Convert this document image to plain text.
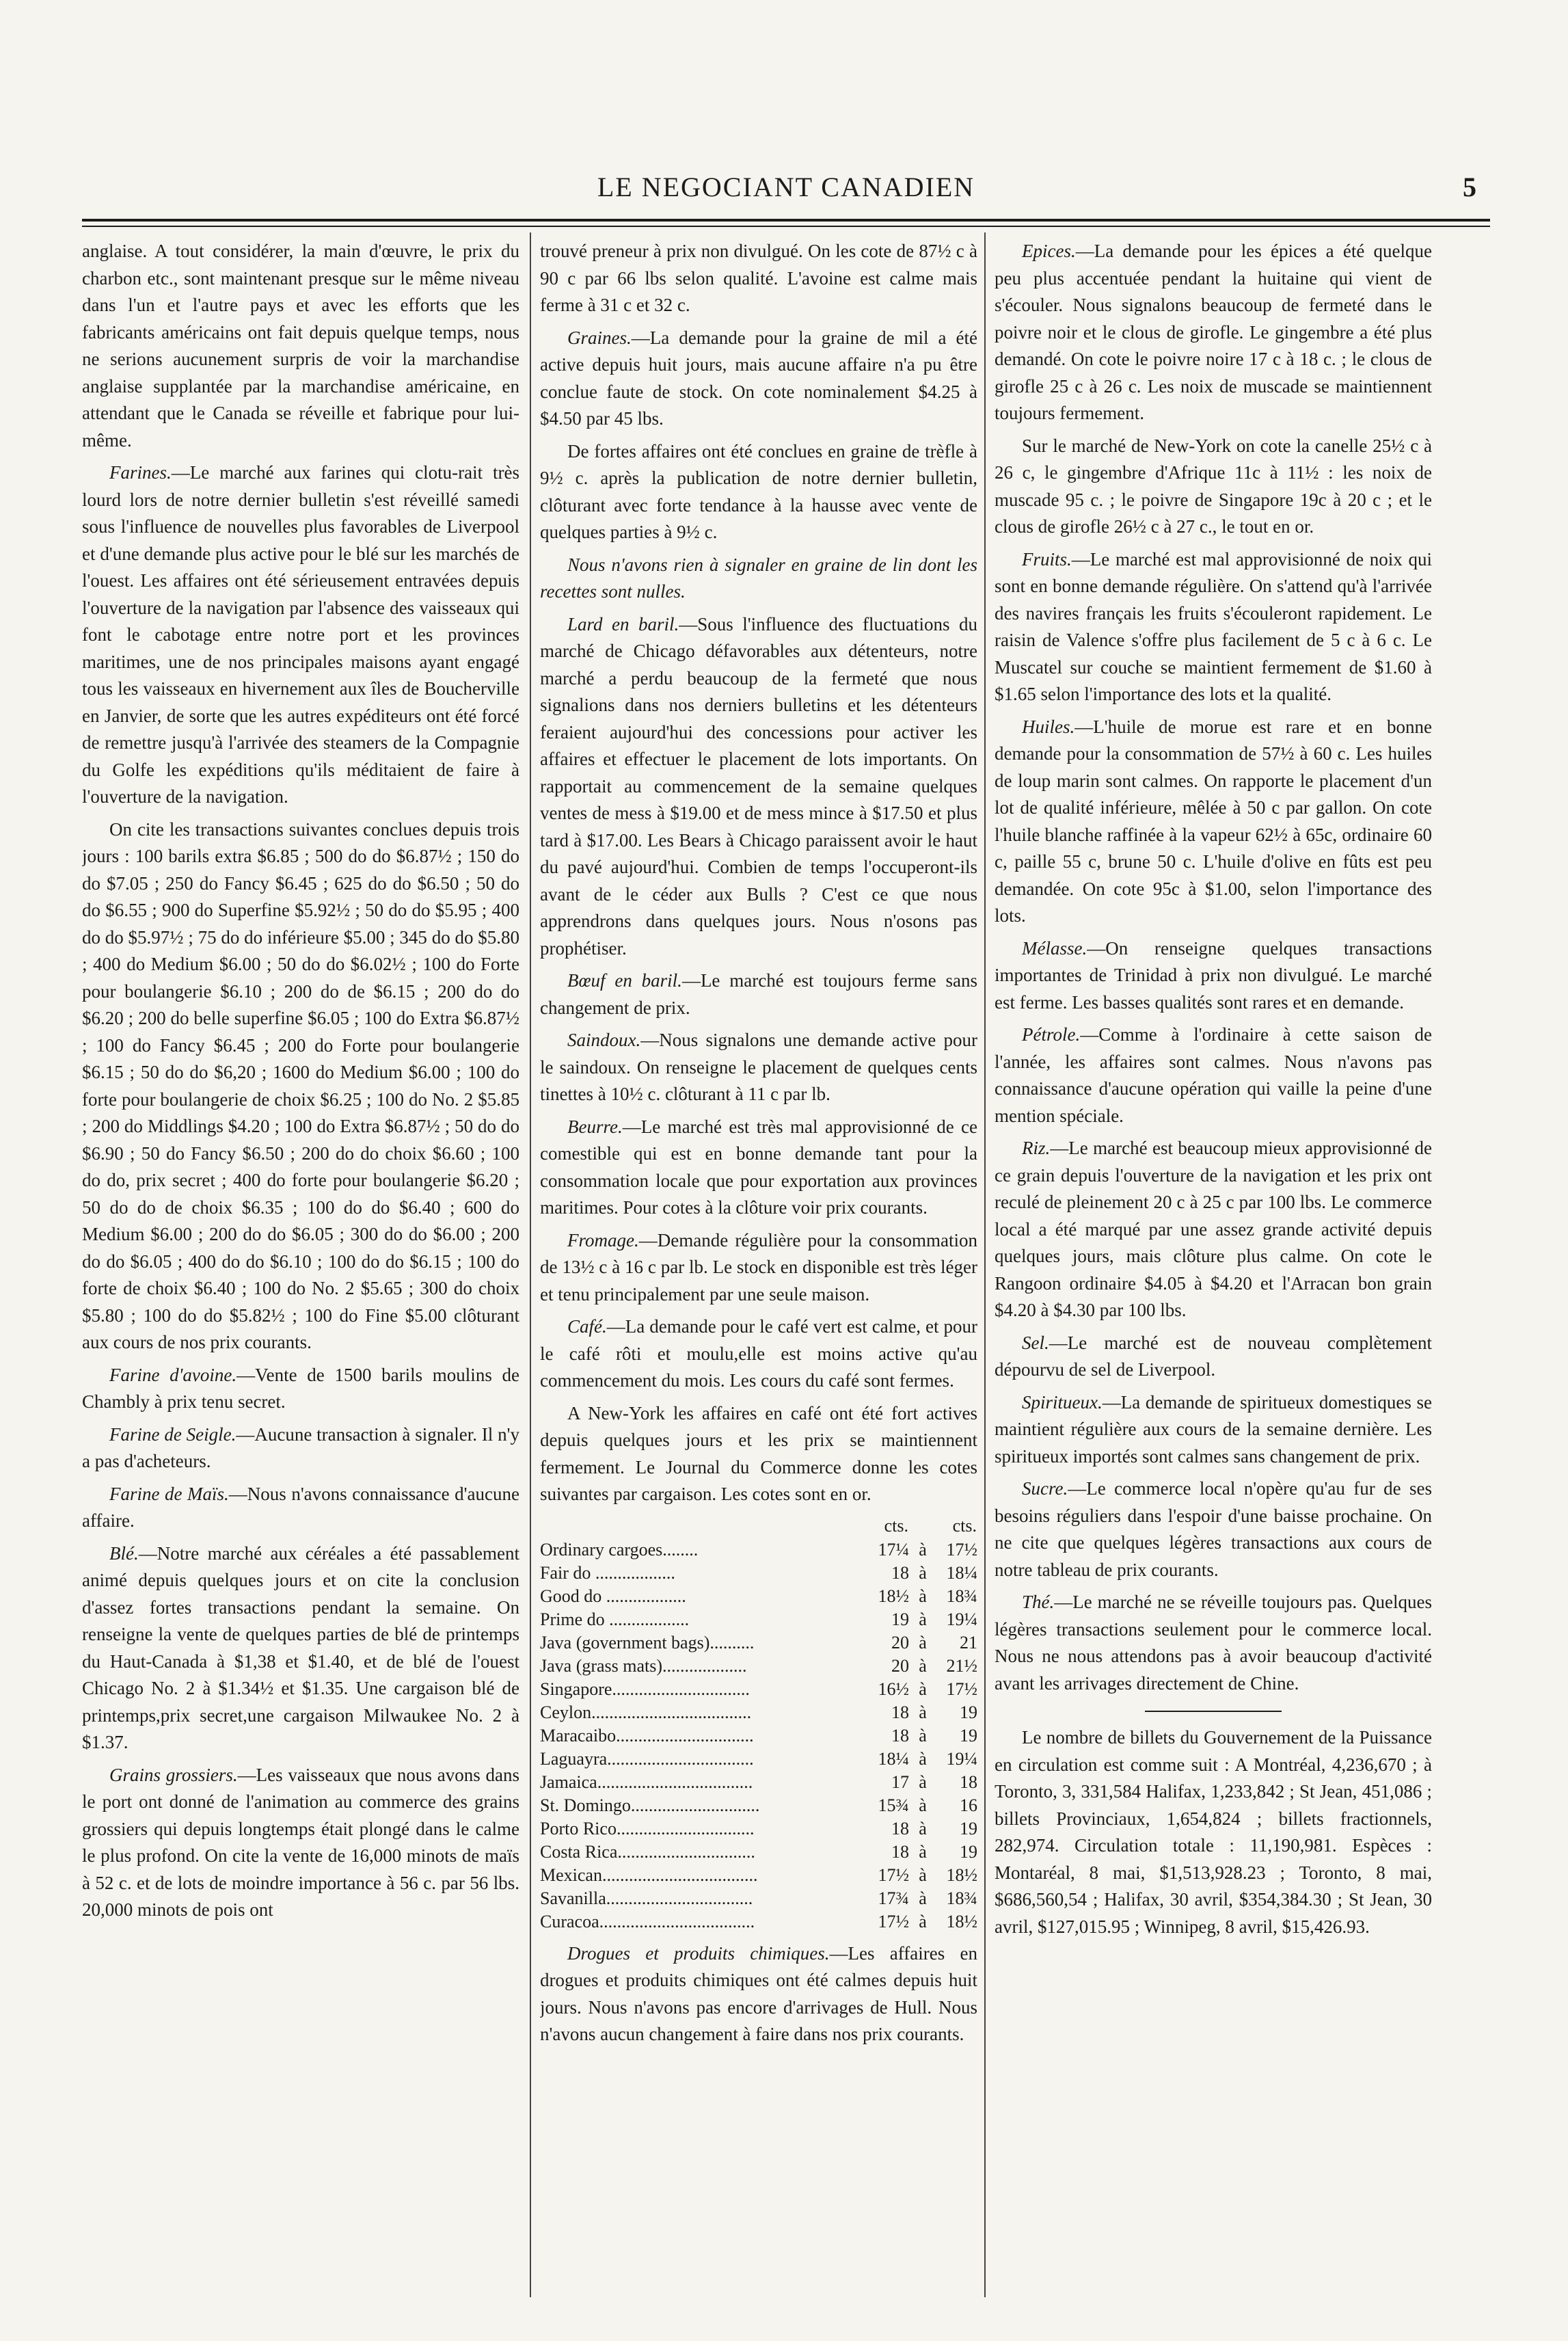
LE NEGOCIANT CANADIEN	5

anglaise. A tout considérer, la main d'œuvre, le prix du charbon etc., sont maintenant presque sur le même niveau dans l'un et l'autre pays et avec les efforts que les fabricants américains ont fait depuis quelque temps, nous ne serions aucunement surpris de voir la marchandise anglaise supplantée par la marchandise américaine, en attendant que le Canada se réveille et fabrique pour lui-même.

Farines.—Le marché aux farines qui clotu-rait très lourd lors de notre dernier bulletin s'est réveillé samedi sous l'influence de nouvelles plus favorables de Liverpool et d'une demande plus active pour le blé sur les marchés de l'ouest. Les affaires ont été sérieusement entravées depuis l'ouverture de la navigation par l'absence des vaisseaux qui font le cabotage entre notre port et les provinces maritimes, une de nos principales maisons ayant engagé tous les vaisseaux en hivernement aux îles de Boucherville en Janvier, de sorte que les autres expéditeurs ont été forcé de remettre jusqu'à l'arrivée des steamers de la Compagnie du Golfe les expéditions qu'ils méditaient de faire à l'ouverture de la navigation.

On cite les transactions suivantes conclues depuis trois jours : 100 barils extra $6.85 ; 500 do do $6.87½ ; 150 do do $7.05 ; 250 do Fancy $6.45 ; 625 do do $6.50 ; 50 do do $6.55 ; 900 do Superfine $5.92½ ; 50 do do $5.95 ; 400 do do $5.97½ ; 75 do do inférieure $5.00 ; 345 do do $5.80 ; 400 do Medium $6.00 ; 50 do do $6.02½ ; 100 do Forte pour boulangerie $6.10 ; 200 do de $6.15 ; 200 do do $6.20 ; 200 do belle superfine $6.05 ; 100 do Extra $6.87½ ; 100 do Fancy $6.45 ; 200 do Forte pour boulangerie $6.15 ; 50 do do $6,20 ; 1600 do Medium $6.00 ; 100 do forte pour boulangerie de choix $6.25 ; 100 do No. 2 $5.85 ; 200 do Middlings $4.20 ; 100 do Extra $6.87½ ; 50 do do $6.90 ; 50 do Fancy $6.50 ; 200 do do choix $6.60 ; 100 do do, prix secret ; 400 do forte pour boulangerie $6.20 ; 50 do do de choix $6.35 ; 100 do do $6.40 ; 600 do Medium $6.00 ; 200 do do $6.05 ; 300 do do $6.00 ; 200 do do $6.05 ; 400 do do $6.10 ; 100 do do $6.15 ; 100 do forte de choix $6.40 ; 100 do No. 2 $5.65 ; 300 do choix $5.80 ; 100 do do $5.82½ ; 100 do Fine $5.00 clôturant aux cours de nos prix courants.

Farine d'avoine.—Vente de 1500 barils moulins de Chambly à prix tenu secret.

Farine de Seigle.—Aucune transaction à signaler. Il n'y a pas d'acheteurs.

Farine de Maïs.—Nous n'avons connaissance d'aucune affaire.

Blé.—Notre marché aux céréales a été passablement animé depuis quelques jours et on cite la conclusion d'assez fortes transactions pendant la semaine. On renseigne la vente de quelques parties de blé de printemps du Haut-Canada à $1,38 et $1.40, et de blé de l'ouest Chicago No. 2 à $1.34½ et $1.35. Une cargaison blé de printemps,prix secret,une cargaison Milwaukee No. 2 à $1.37.

Grains grossiers.—Les vaisseaux que nous avons dans le port ont donné de l'animation au commerce des grains grossiers qui depuis longtemps était plongé dans le calme le plus profond. On cite la vente de 16,000 minots de maïs à 52 c. et de lots de moindre importance à 56 c. par 56 lbs. 20,000 minots de pois ont

trouvé preneur à prix non divulgué. On les cote de 87½ c à 90 c par 66 lbs selon qualité. L'avoine est calme mais ferme à 31 c et 32 c.

Graines.—La demande pour la graine de mil a été active depuis huit jours, mais aucune affaire n'a pu être conclue faute de stock. On cote nominalement $4.25 à $4.50 par 45 lbs.

De fortes affaires ont été conclues en graine de trèfle à 9½ c. après la publication de notre dernier bulletin, clôturant avec forte tendance à la hausse avec vente de quelques parties à 9½ c.

Nous n'avons rien à signaler en graine de lin dont les recettes sont nulles.

Lard en baril.—Sous l'influence des fluctuations du marché de Chicago défavorables aux détenteurs, notre marché a perdu beaucoup de la fermeté que nous signalions dans nos derniers bulletins et les détenteurs feraient aujourd'hui des concessions pour activer les affaires et effectuer le placement de lots importants. On rapportait au commencement de la semaine quelques ventes de mess à $19.00 et de mess mince à $17.50 et plus tard à $17.00. Les Bears à Chicago paraissent avoir le haut du pavé aujourd'hui. Combien de temps l'occuperont-ils avant de le céder aux Bulls ? C'est ce que nous apprendrons dans quelques jours. Nous n'osons pas prophétiser.

Bœuf en baril.—Le marché est toujours ferme sans changement de prix.

Saindoux.—Nous signalons une demande active pour le saindoux. On renseigne le placement de quelques cents tinettes à 10½ c. clôturant à 11 c par lb.

Beurre.—Le marché est très mal approvisionné de ce comestible qui est en bonne demande tant pour la consommation locale que pour exportation aux provinces maritimes. Pour cotes à la clôture voir prix courants.

Fromage.—Demande régulière pour la consommation de 13½ c à 16 c par lb. Le stock en disponible est très léger et tenu principalement par une seule maison.

Café.—La demande pour le café vert est calme, et pour le café rôti et moulu,elle est moins active qu'au commencement du mois. Les cours du café sont fermes.

A New-York les affaires en café ont été fort actives depuis quelques jours et les prix se maintiennent fermement. Le Journal du Commerce donne les cotes suivantes par cargaison. Les cotes sont en or.

	cts.		cts.
Ordinary cargoes........	17¼	à	17½
Fair do ..................	18	à	18¼
Good do ..................	18½	à	18¾
Prime do ..................	19	à	19¼
Java (government bags)..........	20	à	21
Java (grass mats)...................	20	à	21½
Singapore...............................	16½	à	17½
Ceylon....................................	18	à	19
Maracaibo...............................	18	à	19
Laguayra.................................	18¼	à	19¼
Jamaica...................................	17	à	18
St. Domingo.............................	15¾	à	16
Porto Rico...............................	18	à	19
Costa Rica...............................	18	à	19
Mexican...................................	17½	à	18½
Savanilla.................................	17¾	à	18¾
Curacoa...................................	17½	à	18½

Drogues et produits chimiques.—Les affaires en drogues et produits chimiques ont été calmes depuis huit jours. Nous n'avons pas encore d'arrivages de Hull. Nous n'avons aucun changement à faire dans nos prix courants.

Epices.—La demande pour les épices a été quelque peu plus accentuée pendant la huitaine qui vient de s'écouler. Nous signalons beaucoup de fermeté dans le poivre noir et le clous de girofle. Le gingembre a été plus demandé. On cote le poivre noire 17 c à 18 c. ; le clous de girofle 25 c à 26 c. Les noix de muscade se maintiennent toujours fermement.

Sur le marché de New-York on cote la canelle 25½ c à 26 c, le gingembre d'Afrique 11c à 11½ : les noix de muscade 95 c. ; le poivre de Singapore 19c à 20 c ; et le clous de girofle 26½ c à 27 c., le tout en or.

Fruits.—Le marché est mal approvisionné de noix qui sont en bonne demande régulière. On s'attend qu'à l'arrivée des navires français les fruits s'écouleront rapidement. Le raisin de Valence s'offre plus facilement de 5 c à 6 c. Le Muscatel sur couche se maintient fermement de $1.60 à $1.65 selon l'importance des lots et la qualité.

Huiles.—L'huile de morue est rare et en bonne demande pour la consommation de 57½ à 60 c. Les huiles de loup marin sont calmes. On rapporte le placement d'un lot de qualité inférieure, mêlée à 50 c par gallon. On cote l'huile blanche raffinée à la vapeur 62½ à 65c, ordinaire 60 c, paille 55 c, brune 50 c. L'huile d'olive en fûts est peu demandée. On cote 95c à $1.00, selon l'importance des lots.

Mélasse.—On renseigne quelques transactions importantes de Trinidad à prix non divulgué. Le marché est ferme. Les basses qualités sont rares et en demande.

Pétrole.—Comme à l'ordinaire à cette saison de l'année, les affaires sont calmes. Nous n'avons pas connaissance d'aucune opération qui vaille la peine d'une mention spéciale.

Riz.—Le marché est beaucoup mieux approvisionné de ce grain depuis l'ouverture de la navigation et les prix ont reculé de pleinement 20 c à 25 c par 100 lbs. Le commerce local a été marqué par une assez grande activité depuis quelques jours, mais clôture plus calme. On cote le Rangoon ordinaire $4.05 à $4.20 et l'Arracan bon grain $4.20 à $4.30 par 100 lbs.

Sel.—Le marché est de nouveau complètement dépourvu de sel de Liverpool.

Spiritueux.—La demande de spiritueux domestiques se maintient régulière aux cours de la semaine dernière. Les spiritueux importés sont calmes sans changement de prix.

Sucre.—Le commerce local n'opère qu'au fur de ses besoins réguliers dans l'espoir d'une baisse prochaine. On ne cite que quelques légères transactions aux cours de notre tableau de prix courants.

Thé.—Le marché ne se réveille toujours pas. Quelques légères transactions seulement pour le commerce local. Nous ne nous attendons pas à avoir beaucoup d'activité avant les arrivages directement de Chine.

Le nombre de billets du Gouvernement de la Puissance en circulation est comme suit : A Montréal, 4,236,670 ; à Toronto, 3, 331,584 Halifax, 1,233,842 ; St Jean, 451,086 ; billets Provinciaux, 1,654,824 ; billets fractionnels, 282,974. Circulation totale : 11,190,981. Espèces : Montaréal, 8 mai, $1,513,928.23 ; Toronto, 8 mai, $686,560,54 ; Halifax, 30 avril, $354,384.30 ; St Jean, 30 avril, $127,015.95 ; Winnipeg, 8 avril, $15,426.93.
